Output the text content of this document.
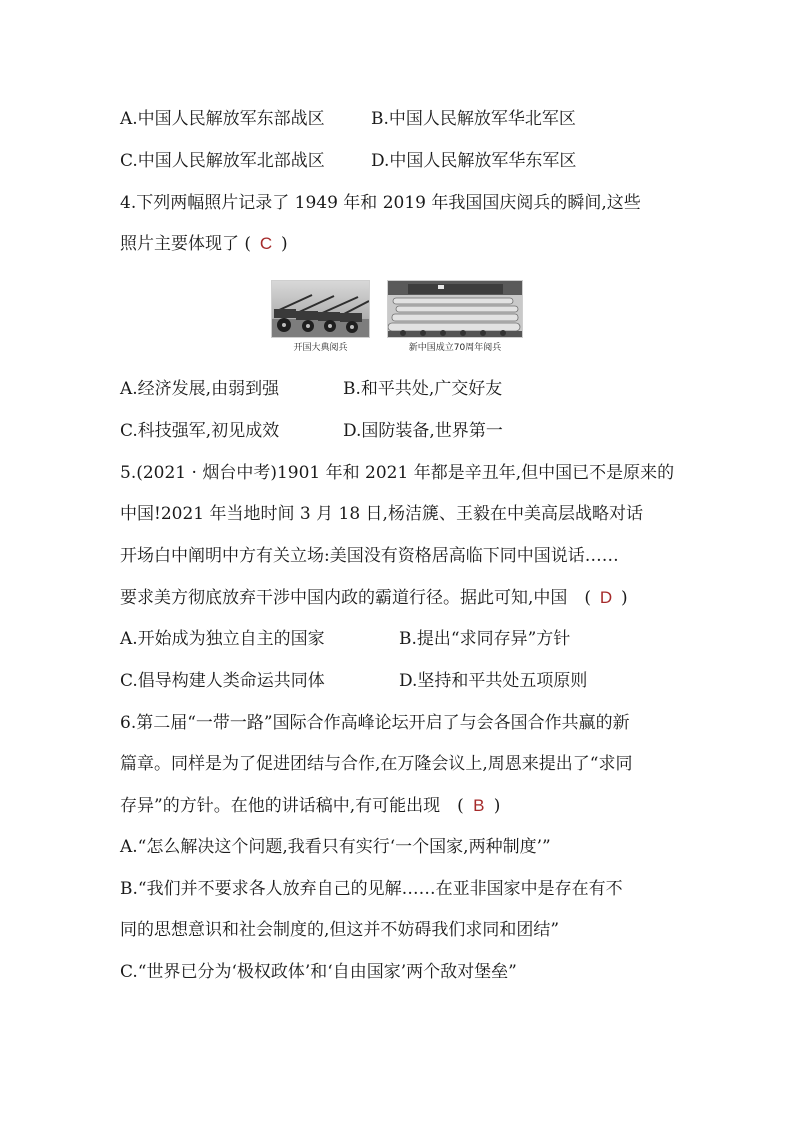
A.中国人民解放军东部战区	B.中国人民解放军华北军区
C.中国人民解放军北部战区	D.中国人民解放军华东军区
4.下列两幅照片记录了 1949 年和 2019 年我国国庆阅兵的瞬间,这些
照片主要体现了 ( C )
开国大典阅兵	新中国成立70周年阅兵
A.经济发展,由弱到强	B.和平共处,广交好友
C.科技强军,初见成效	D.国防装备,世界第一
5.(2021 · 烟台中考)1901 年和 2021 年都是辛丑年,但中国已不是原来的
中国!2021 年当地时间 3 月 18 日,杨洁篪、王毅在中美高层战略对话
开场白中阐明中方有关立场:美国没有资格居高临下同中国说话……
要求美方彻底放弃干涉中国内政的霸道行径。据此可知,中国　( D )
A.开始成为独立自主的国家	B.提出“求同存异”方针
C.倡导构建人类命运共同体	D.坚持和平共处五项原则
6.第二届“一带一路”国际合作高峰论坛开启了与会各国合作共赢的新
篇章。同样是为了促进团结与合作,在万隆会议上,周恩来提出了“求同
存异”的方针。在他的讲话稿中,有可能出现　( B )
A.“怎么解决这个问题,我看只有实行‘一个国家,两种制度’”
B.“我们并不要求各人放弃自己的见解……在亚非国家中是存在有不
同的思想意识和社会制度的,但这并不妨碍我们求同和团结”
C.“世界已分为‘极权政体’和‘自由国家’两个敌对堡垒”
